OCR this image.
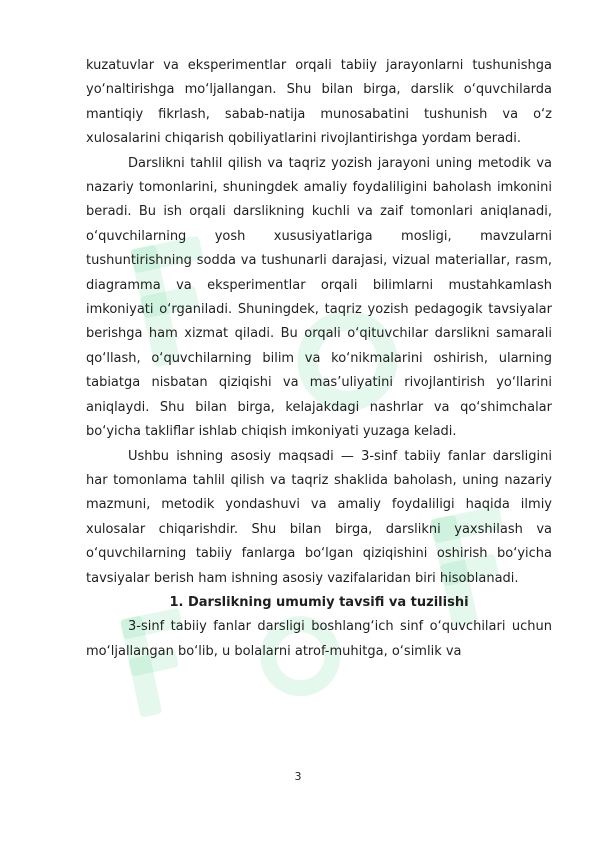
kuzatuvlar va eksperimentlar orqali tabiiy jarayonlarni tushunishga yo‘naltirishga mo‘ljallangan. Shu bilan birga, darslik o‘quvchilarda mantiqiy fikrlash, sabab-natija munosabatini tushunish va o‘z xulosalarini chiqarish qobiliyatlarini rivojlantirishga yordam beradi.

Darslikni tahlil qilish va taqriz yozish jarayoni uning metodik va nazariy tomonlarini, shuningdek amaliy foydaliligini baholash imkonini beradi. Bu ish orqali darslikning kuchli va zaif tomonlari aniqlanadi, o‘quvchilarning yosh xususiyatlariga mosligi, mavzularni tushuntirishning sodda va tushunarli darajasi, vizual materiallar, rasm, diagramma va eksperimentlar orqali bilimlarni mustahkamlash imkoniyati o‘rganiladi. Shuningdek, taqriz yozish pedagogik tavsiyalar berishga ham xizmat qiladi. Bu orqali o‘qituvchilar darslikni samarali qo‘llash, o‘quvchilarning bilim va ko‘nikmalarini oshirish, ularning tabiatga nisbatan qiziqishi va mas’uliyatini rivojlantirish yo‘llarini aniqlaydi. Shu bilan birga, kelajakdagi nashrlar va qo‘shimchalar bo‘yicha takliflar ishlab chiqish imkoniyati yuzaga keladi.

Ushbu ishning asosiy maqsadi — 3-sinf tabiiy fanlar darsligini har tomonlama tahlil qilish va taqriz shaklida baholash, uning nazariy mazmuni, metodik yondashuvi va amaliy foydaliligi haqida ilmiy xulosalar chiqarishdir. Shu bilan birga, darslikni yaxshilash va o‘quvchilarning tabiiy fanlarga bo‘lgan qiziqishini oshirish bo‘yicha tavsiyalar berish ham ishning asosiy vazifalaridan biri hisoblanadi.

1. Darslikning umumiy tavsifi va tuzilishi

3-sinf tabiiy fanlar darsligi boshlang‘ich sinf o‘quvchilari uchun mo‘ljallangan bo‘lib, u bolalarni atrof-muhitga, o‘simlik va

3
